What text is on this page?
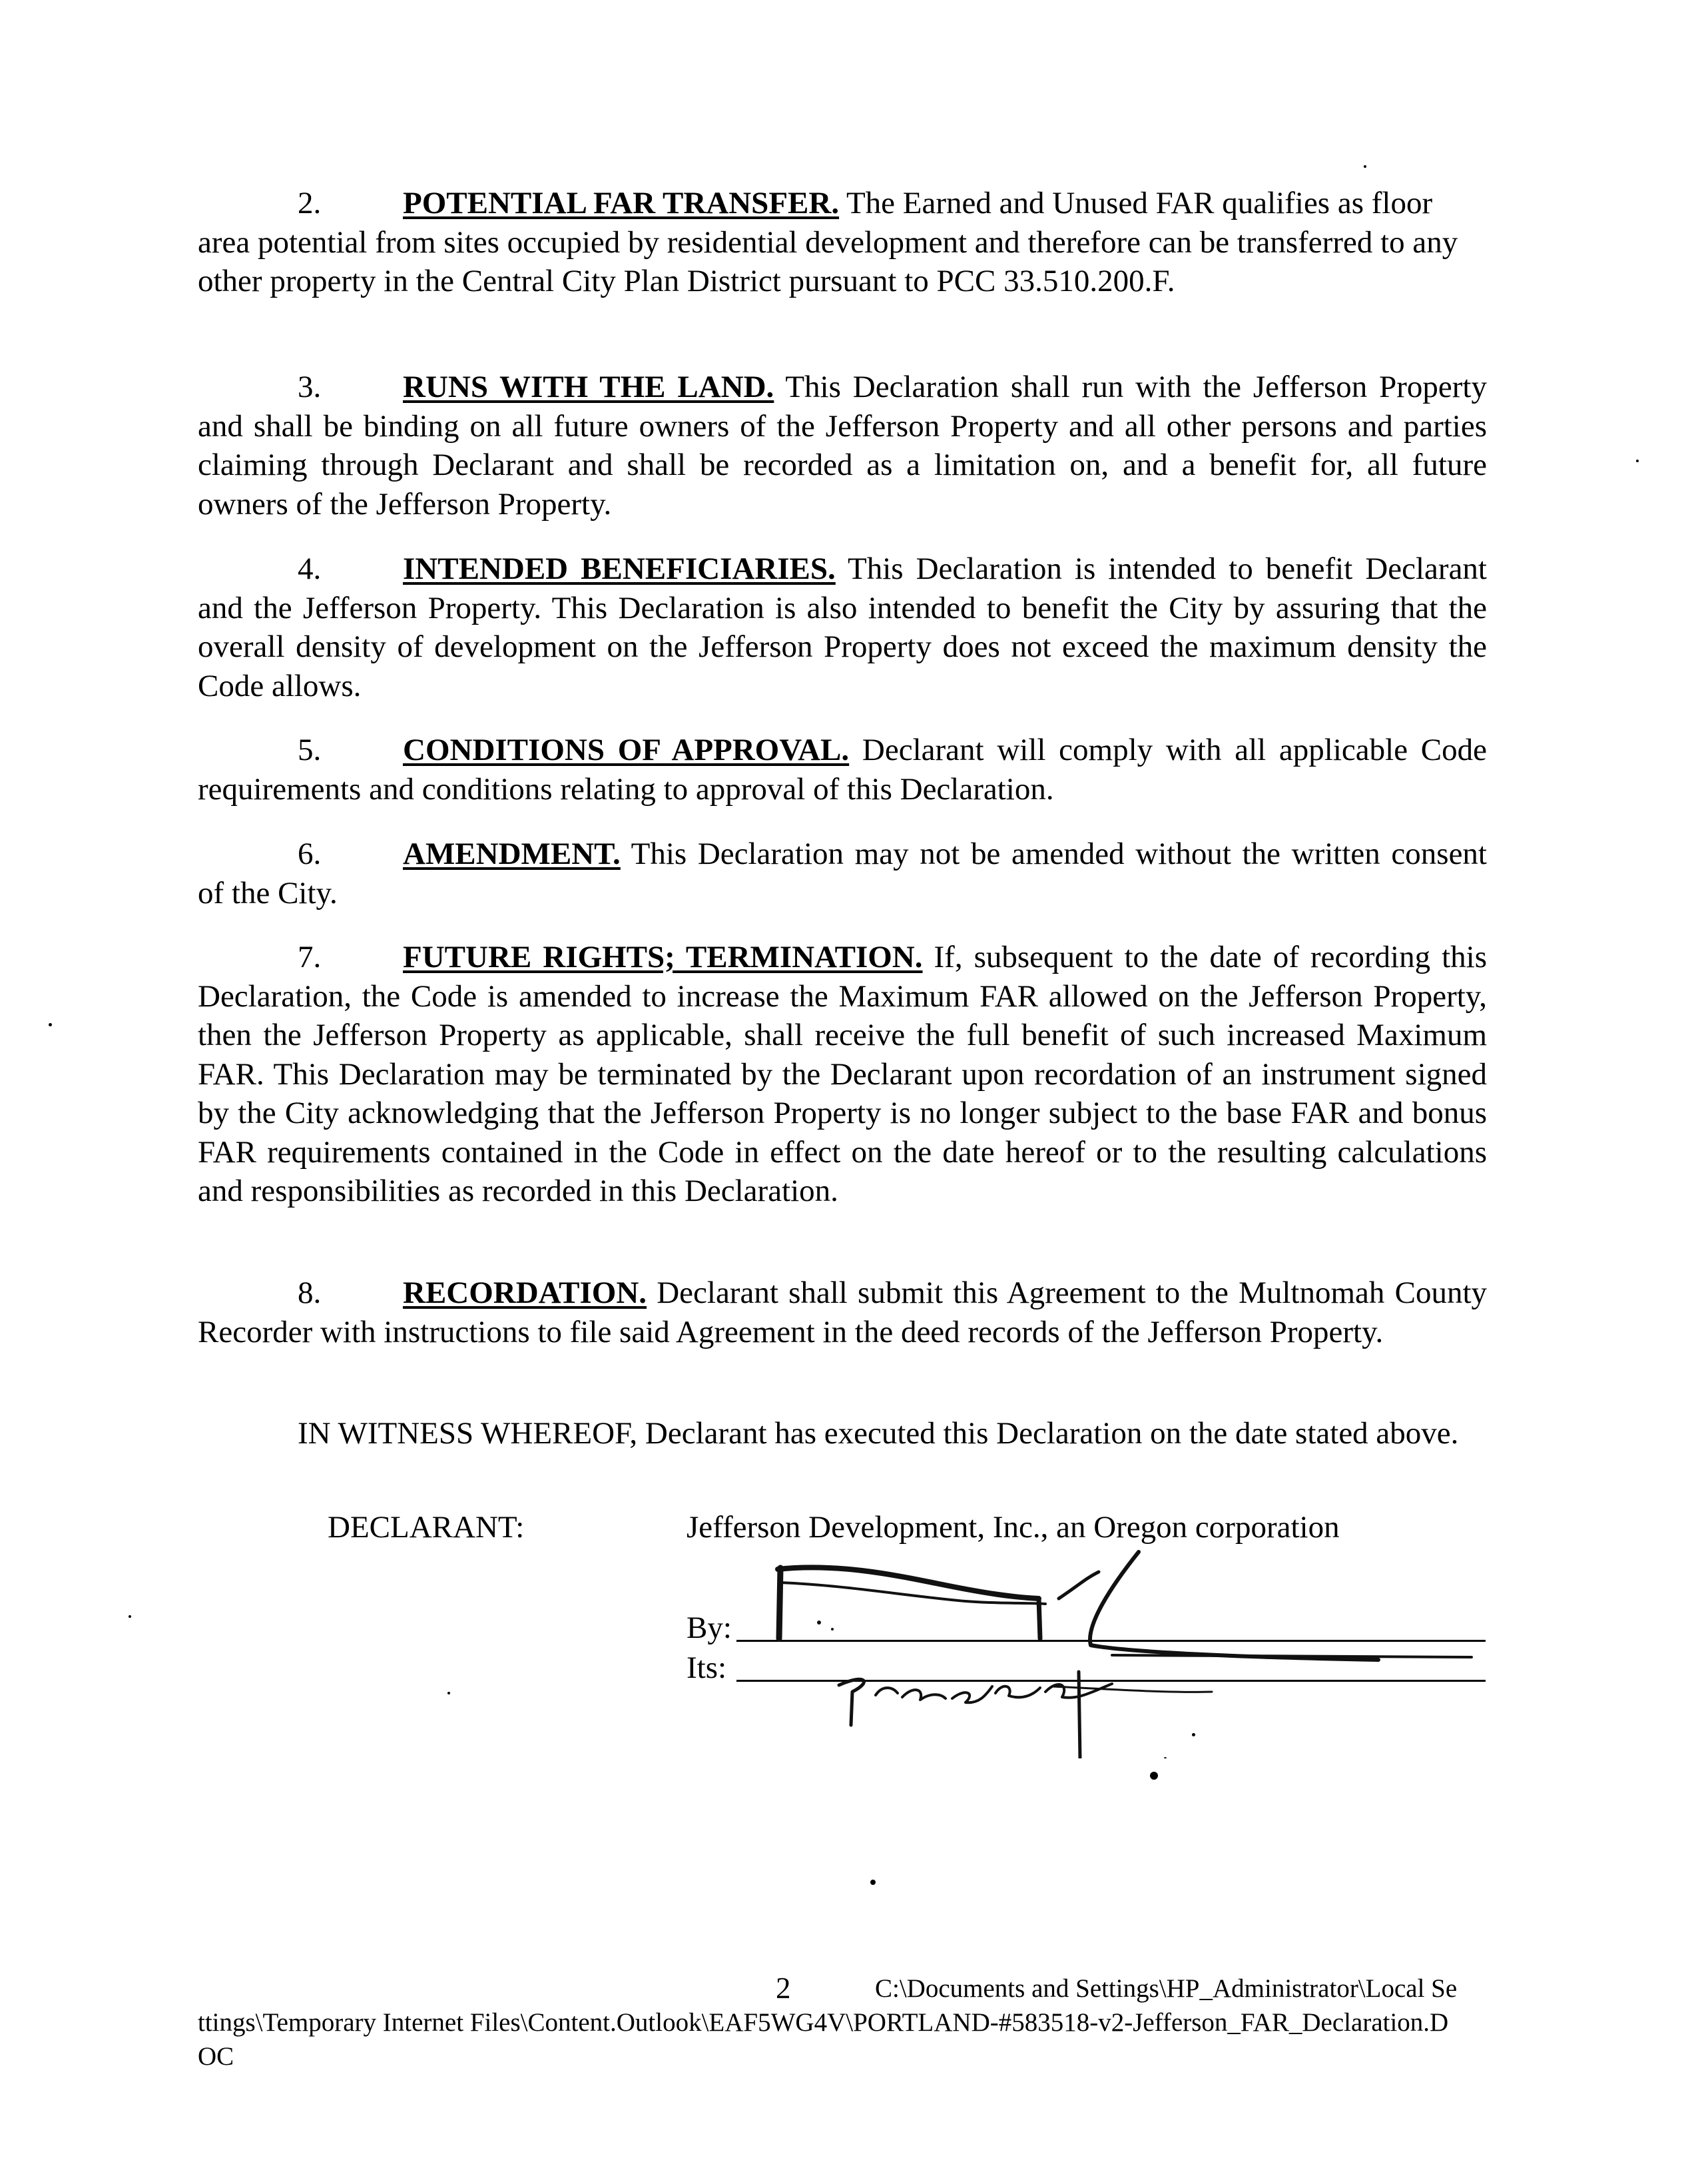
2.	POTENTIAL FAR TRANSFER. The Earned and Unused FAR qualifies as floor area potential from sites occupied by residential development and therefore can be transferred to any other property in the Central City Plan District pursuant to PCC 33.510.200.F.

3.	RUNS WITH THE LAND. This Declaration shall run with the Jefferson Property and shall be binding on all future owners of the Jefferson Property and all other persons and parties claiming through Declarant and shall be recorded as a limitation on, and a benefit for, all future owners of the Jefferson Property.

4.	INTENDED BENEFICIARIES. This Declaration is intended to benefit Declarant and the Jefferson Property. This Declaration is also intended to benefit the City by assuring that the overall density of development on the Jefferson Property does not exceed the maximum density the Code allows.

5.	CONDITIONS OF APPROVAL. Declarant will comply with all applicable Code requirements and conditions relating to approval of this Declaration.

6.	AMENDMENT. This Declaration may not be amended without the written consent of the City.

7.	FUTURE RIGHTS; TERMINATION. If, subsequent to the date of recording this Declaration, the Code is amended to increase the Maximum FAR allowed on the Jefferson Property, then the Jefferson Property as applicable, shall receive the full benefit of such increased Maximum FAR. This Declaration may be terminated by the Declarant upon recordation of an instrument signed by the City acknowledging that the Jefferson Property is no longer subject to the base FAR and bonus FAR requirements contained in the Code in effect on the date hereof or to the resulting calculations and responsibilities as recorded in this Declaration.

8.	RECORDATION. Declarant shall submit this Agreement to the Multnomah County Recorder with instructions to file said Agreement in the deed records of the Jefferson Property.

IN WITNESS WHEREOF, Declarant has executed this Declaration on the date stated above.

DECLARANT:	Jefferson Development, Inc., an Oregon corporation
By:
Its:
2	C:\Documents and Settings\HP_Administrator\Local Settings\Temporary Internet Files\Content.Outlook\EAF5WG4V\PORTLAND-#583518-v2-Jefferson_FAR_Declaration.DOC
